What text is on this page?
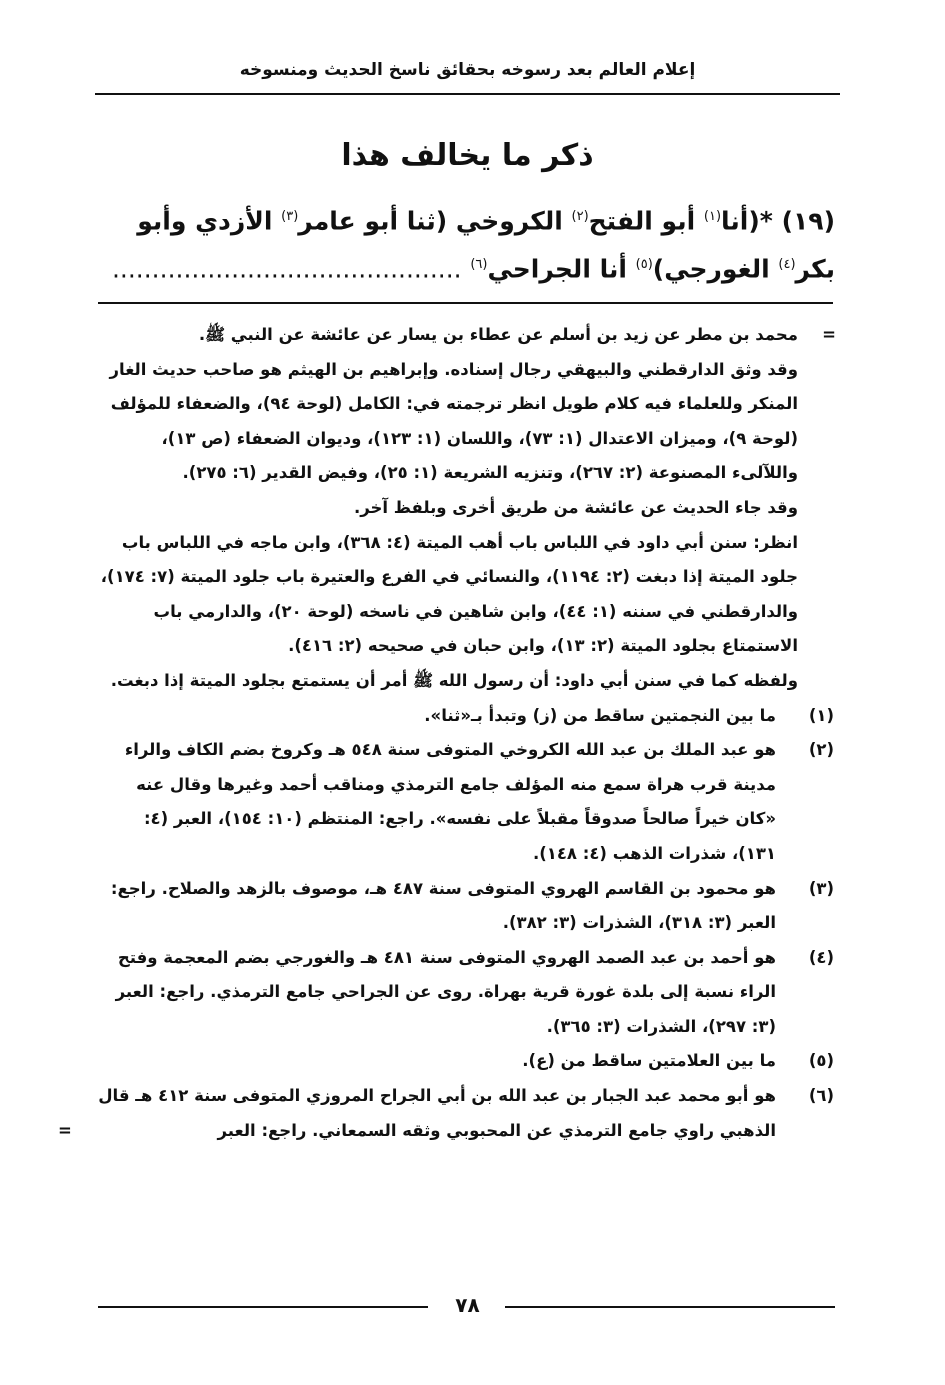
إعلام العالم بعد رسوخه بحقائق ناسخ الحديث ومنسوخه
ذكر ما يخالف هذا
(١٩) *(أنا$^{(١)}$ أبو الفتح$^{(٢)}$ الكروخي (ثنا أبو عامر$^{(٣)}$ الأزدي وأبو بكر$^{(٤)}$ الغورجي)$^{(٥)}$ أنا الجراحي$^{(٦)}$ ............................................
=

محمد بن مطر عن زيد بن أسلم عن عطاء بن يسار عن عائشة عن النبي ﷺ.

وقد وثق الدارقطني والبيهقي رجال إسناده. وإبراهيم بن الهيثم هو صاحب حديث الغار المنكر وللعلماء فيه كلام طويل انظر ترجمته في: الكامل (لوحة ٩٤)، والضعفاء للمؤلف (لوحة ٩)، وميزان الاعتدال (١: ٧٣)، واللسان (١: ١٢٣)، وديوان الضعفاء (ص ١٣)، واللآلىء المصنوعة (٢: ٢٦٧)، وتنزيه الشريعة (١: ٢٥)، وفيض القدير (٦: ٢٧٥).

وقد جاء الحديث عن عائشة من طريق أخرى وبلفظ آخر.

انظر: سنن أبي داود في اللباس باب أهب الميتة (٤: ٣٦٨)، وابن ماجه في اللباس باب جلود الميتة إذا دبغت (٢: ١١٩٤)، والنسائي في الفرع والعتيرة باب جلود الميتة (٧: ١٧٤)، والدارقطني في سننه (١: ٤٤)، وابن شاهين في ناسخه (لوحة ٢٠)، والدارمي باب الاستمتاع بجلود الميتة (٢: ١٣)، وابن حبان في صحيحه (٢: ٤١٦).

ولفظه كما في سنن أبي داود: أن رسول الله ﷺ أمر أن يستمتع بجلود الميتة إذا دبغت.

(١)
ما بين النجمتين ساقط من (ز) وتبدأ بـ«ثنا».
(٢)
هو عبد الملك بن عبد الله الكروخي المتوفى سنة ٥٤٨ هـ وكروخ بضم الكاف والراء مدينة قرب هراة سمع منه المؤلف جامع الترمذي ومناقب أحمد وغيرها وقال عنه «كان خيراً صالحاً صدوقاً مقبلاً على نفسه». راجع: المنتظم (١٠: ١٥٤)، العبر (٤: ١٣١)، شذرات الذهب (٤: ١٤٨).
(٣)
هو محمود بن القاسم الهروي المتوفى سنة ٤٨٧ هـ، موصوف بالزهد والصلاح. راجع: العبر (٣: ٣١٨)، الشذرات (٣: ٣٨٢).
(٤)
هو أحمد بن عبد الصمد الهروي المتوفى سنة ٤٨١ هـ والغورجي بضم المعجمة وفتح الراء نسبة إلى بلدة غورة قرية بهراة. روى عن الجراحي جامع الترمذي. راجع: العبر (٣: ٢٩٧)، الشذرات (٣: ٣٦٥).
(٥)
ما بين العلامتين ساقط من (ع).
(٦)
هو أبو محمد عبد الجبار بن عبد الله بن أبي الجراح المروزي المتوفى سنة ٤١٢ هـ قال الذهبي راوي جامع الترمذي عن المحبوبي وثقه السمعاني. راجع: العبر
=
٧٨
